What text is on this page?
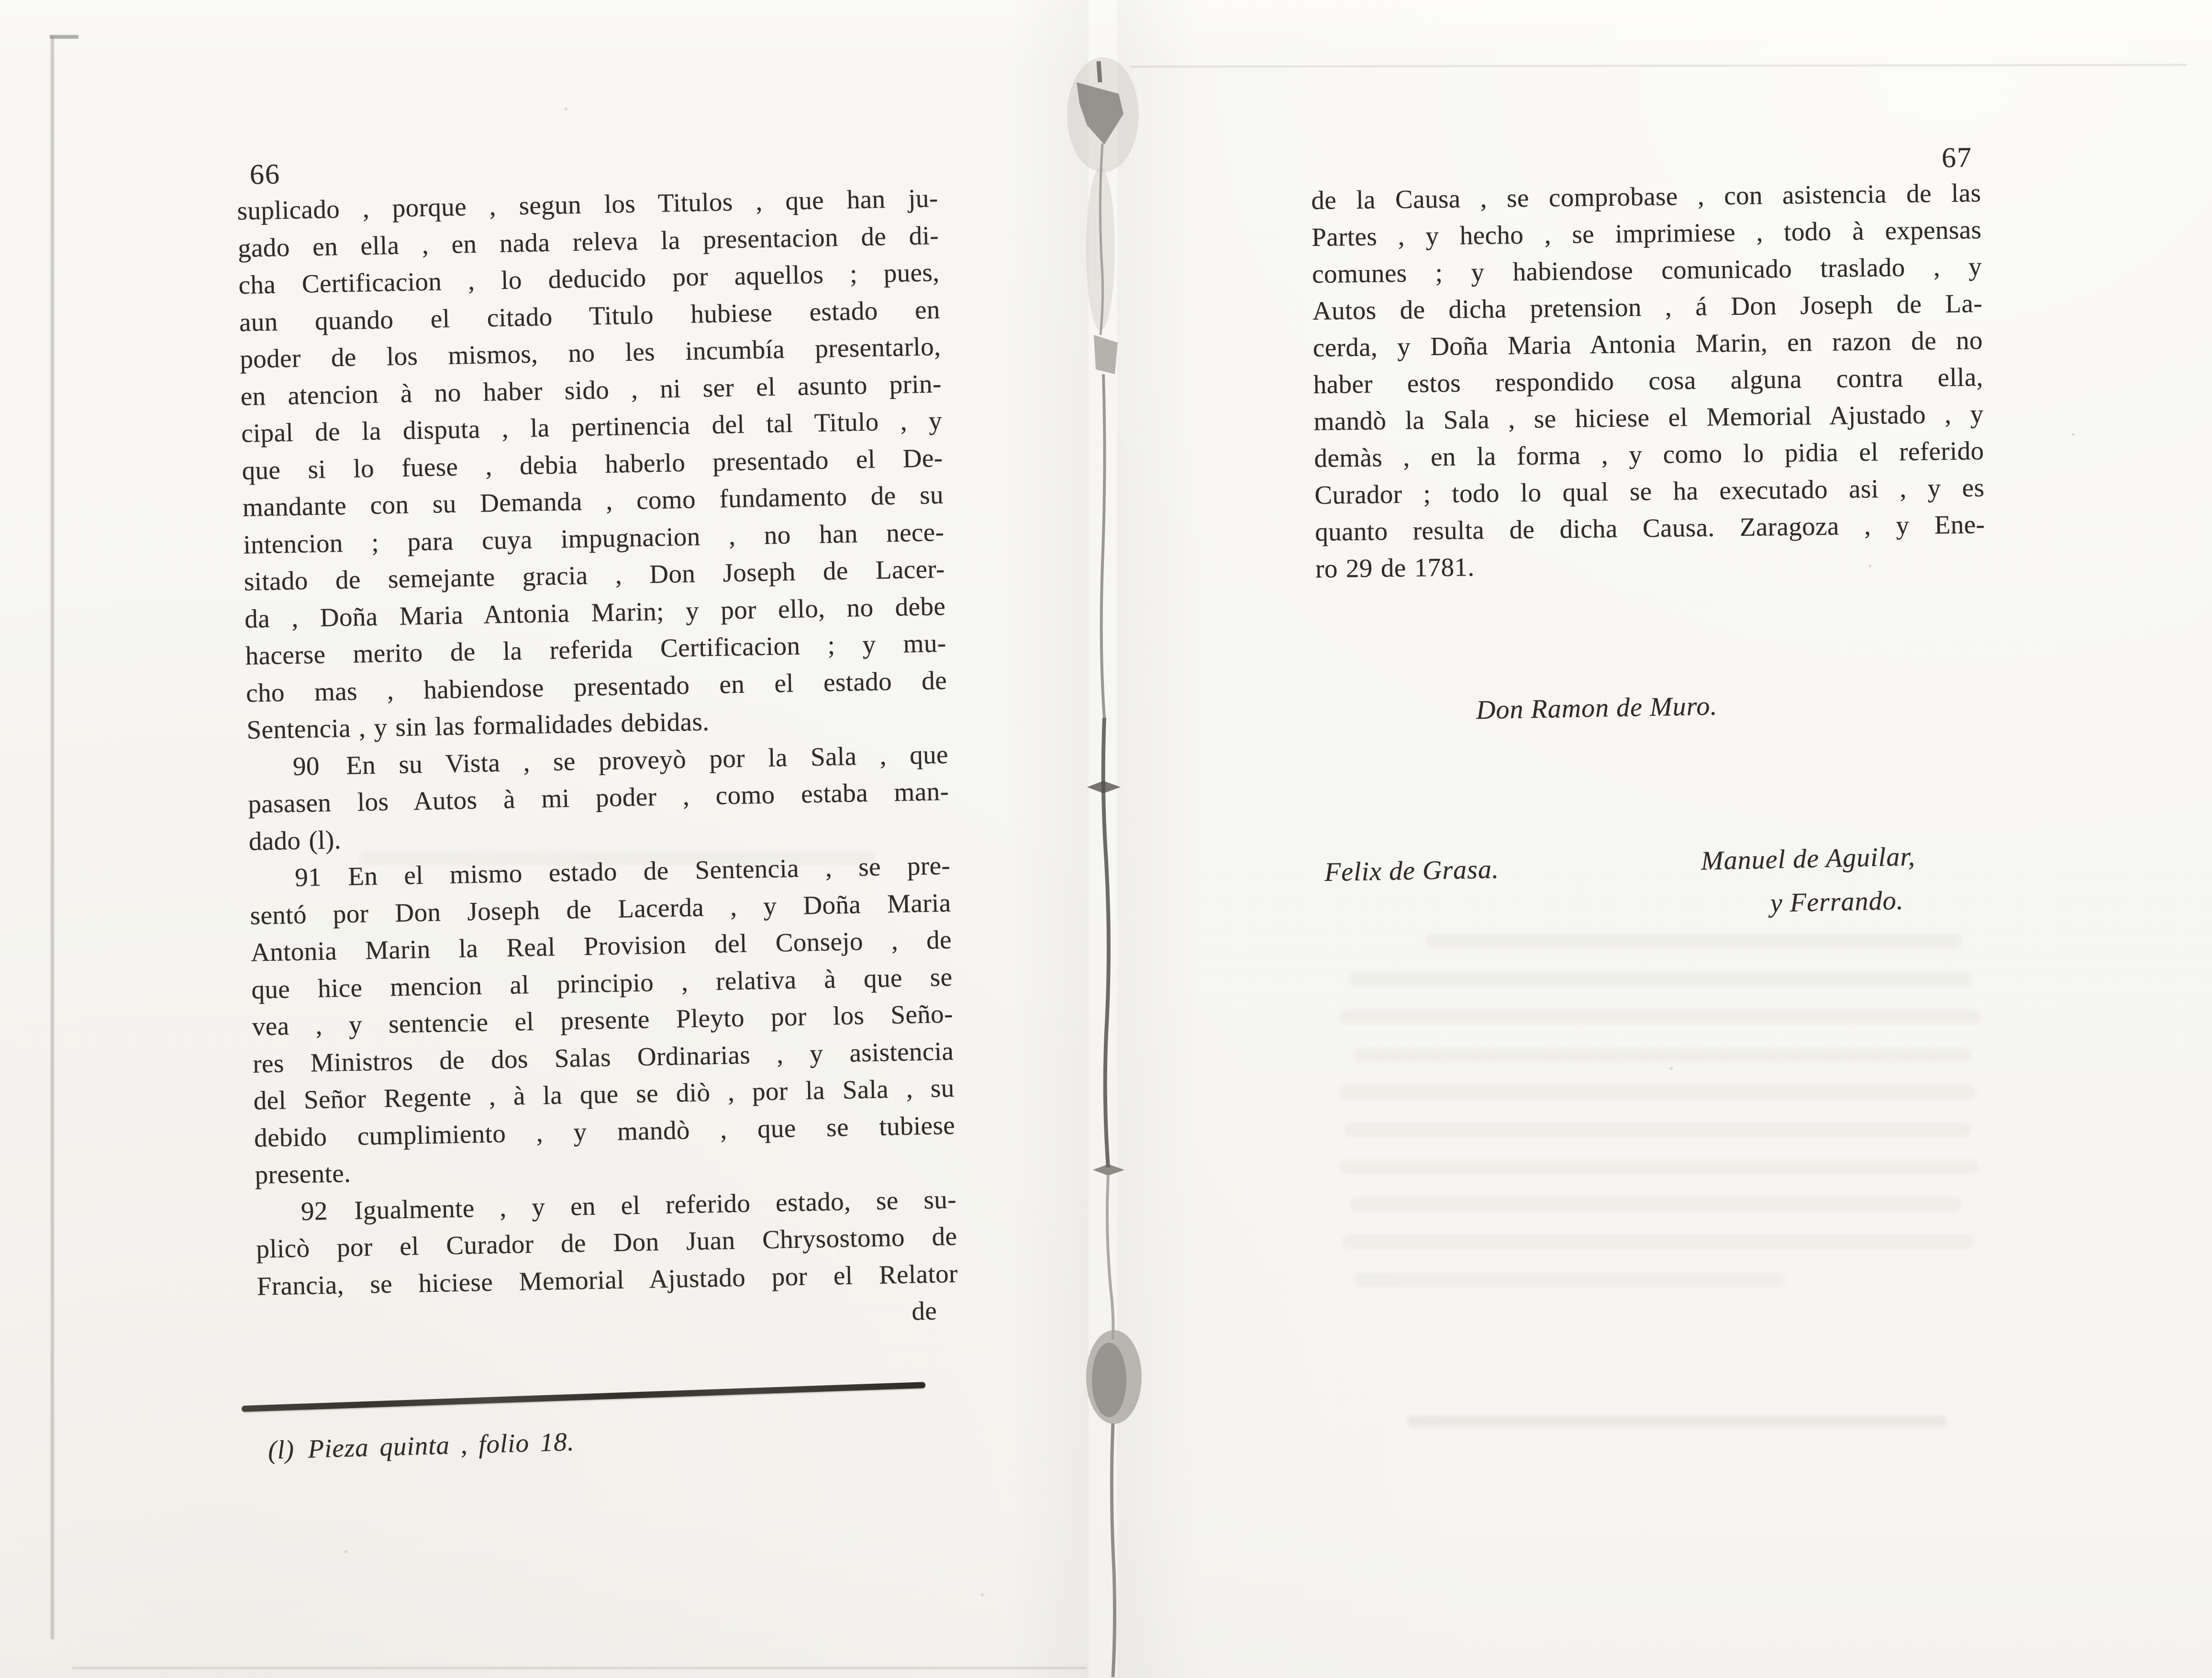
66
suplicado , porque , segun los Titulos , que han ju-
gado en ella , en nada releva la presentacion de di-
cha Certificacion , lo deducido por aquellos ; pues,
aun quando el citado Titulo hubiese estado en
poder de los mismos, no les incumbía presentarlo,
en atencion à no haber sido , ni ser el asunto prin-
cipal de la disputa , la pertinencia del tal Titulo , y
que si lo fuese , debia haberlo presentado el De-
mandante con su Demanda , como fundamento de su
intencion ; para cuya impugnacion , no han nece-
sitado de semejante gracia , Don Joseph de Lacer-
da , Doña Maria Antonia Marin; y por ello, no debe
hacerse merito de la referida Certificacion ; y mu-
cho mas , habiendose presentado en el estado de
Sentencia , y sin las formalidades debidas.
90 En su Vista , se proveyò por la Sala , que
pasasen los Autos à mi poder , como estaba man-
dado (l).
91 En el mismo estado de Sentencia , se pre-
sentó por Don Joseph de Lacerda , y Doña Maria
Antonia Marin la Real Provision del Consejo , de
que hice mencion al principio , relativa à que se
vea , y sentencie el presente Pleyto por los Seño-
res Ministros de dos Salas Ordinarias , y asistencia
del Señor Regente , à la que se diò , por la Sala , su
debido cumplimiento , y mandò , que se tubiese
presente.
92 Igualmente , y en el referido estado, se su-
plicò por el Curador de Don Juan Chrysostomo de
Francia, se hiciese Memorial Ajustado por el Relator
de
(l) Pieza quinta , folio 18.
67
de la Causa , se comprobase , con asistencia de las
Partes , y hecho , se imprimiese , todo à expensas
comunes ; y habiendose comunicado traslado , y
Autos de dicha pretension , á Don Joseph de La-
cerda, y Doña Maria Antonia Marin, en razon de no
haber estos respondido cosa alguna contra ella,
mandò la Sala , se hiciese el Memorial Ajustado , y
demàs , en la forma , y como lo pidia el referido
Curador ; todo lo qual se ha executado asi , y es
quanto resulta de dicha Causa. Zaragoza , y Ene-
ro 29 de 1781.
Don Ramon de Muro.
Felix de Grasa.	Manuel de Aguilar,
y Ferrando.
